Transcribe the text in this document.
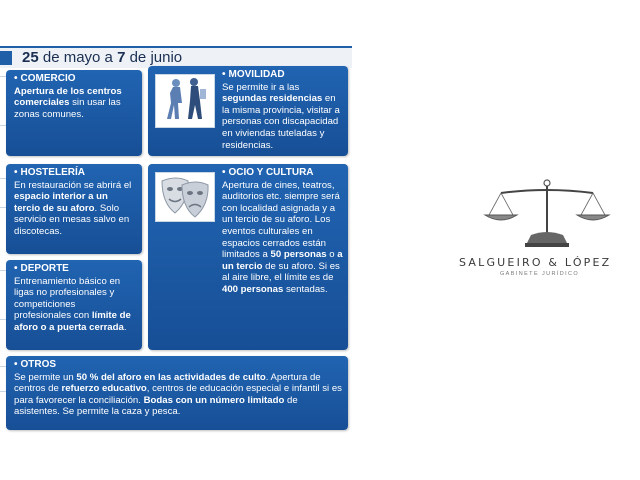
25 de mayo a 7 de junio
• COMERCIO
Apertura de los centros comerciales sin usar las zonas comunes.
• MOVILIDAD
Se permite ir a las segundas residencias en la misma provincia, visitar a personas con discapacidad en viviendas tuteladas y residencias.
• HOSTELERÍA
En restauración se abrirá el espacio interior a un tercio de su aforo. Solo servicio en mesas salvo en discotecas.
• OCIO Y CULTURA
Apertura de cines, teatros, auditorios etc. siempre será con localidad asignada y a un tercio de su aforo. Los eventos culturales en espacios cerrados están limitados a 50 personas o a un tercio de su aforo. Si es al aire libre, el límite es de 400 personas sentadas.
• DEPORTE
Entrenamiento básico en ligas no profesionales y competiciones profesionales con límite de aforo o a puerta cerrada.
• OTROS
Se permite un 50 % del aforo en las actividades de culto. Apertura de centros de refuerzo educativo, centros de educación especial e infantil si es para favorecer la conciliación. Bodas con un número limitado de asistentes. Se permite la caza y pesca.
SALGUEIRO & LÓPEZ
GABINETE JURÍDICO
